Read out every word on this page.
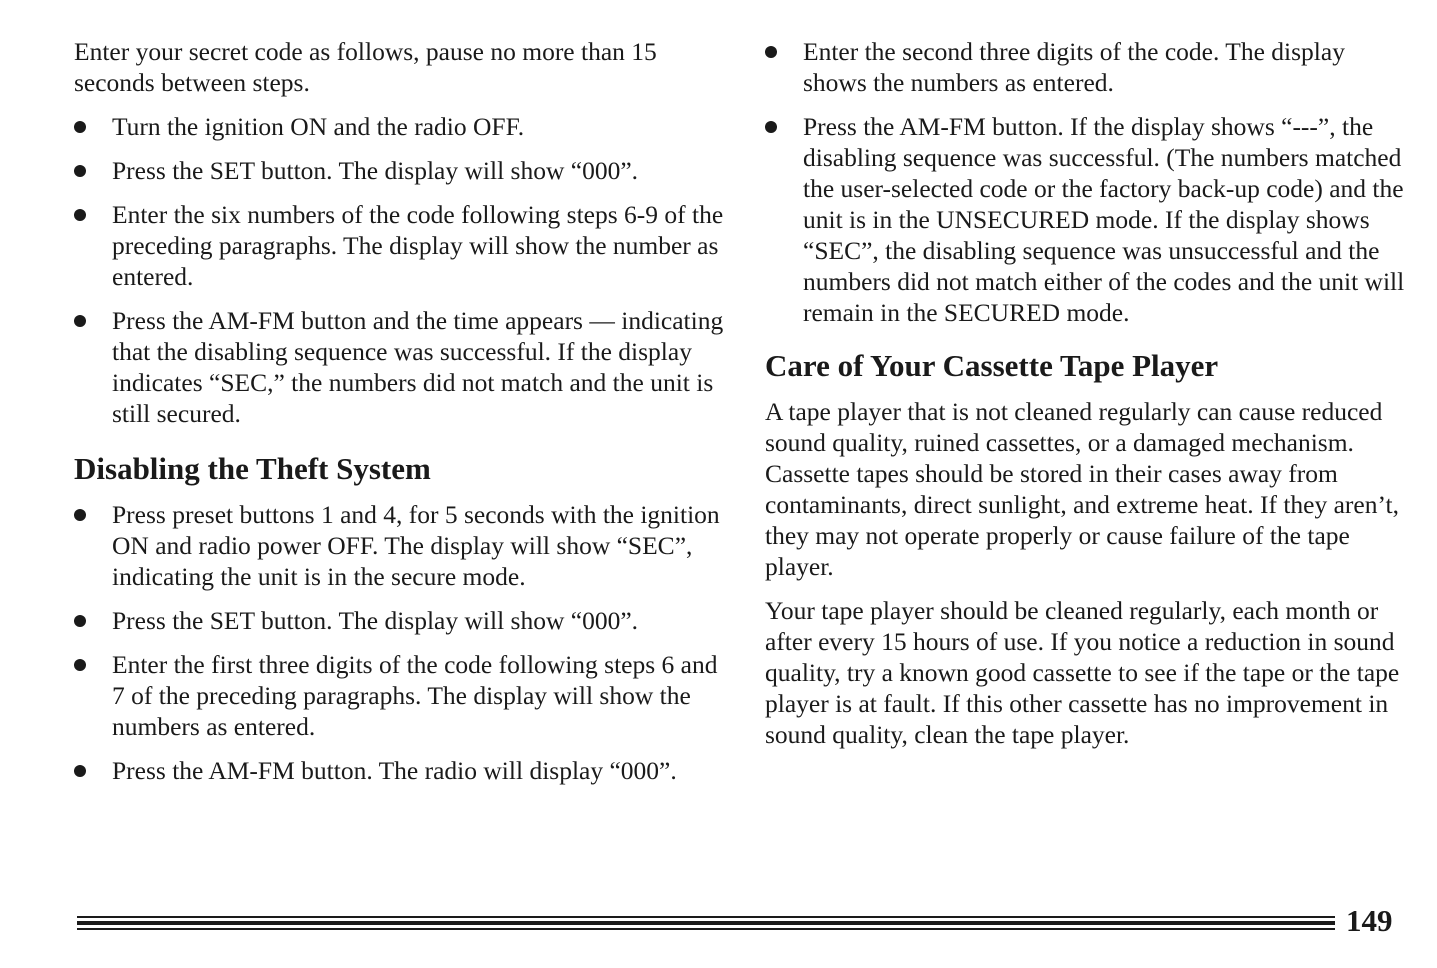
Enter your secret code as follows, pause no more than 15 seconds between steps.

Turn the ignition ON and the radio OFF.
Press the SET button. The display will show “000”.
Enter the six numbers of the code following steps 6-9 of the preceding paragraphs. The display will show the number as entered.
Press the AM-FM button and the time appears — indicating that the disabling sequence was successful. If the display indicates “SEC,” the numbers did not match and the unit is still secured.
Disabling the Theft System
Press preset buttons 1 and 4, for 5 seconds with the ignition ON and radio power OFF. The display will show “SEC”, indicating the unit is in the secure mode.
Press the SET button. The display will show “000”.
Enter the first three digits of the code following steps 6 and 7 of the preceding paragraphs. The display will show the numbers as entered.
Press the AM-FM button. The radio will display “000”.
Enter the second three digits of the code. The display shows the numbers as entered.
Press the AM-FM button. If the display shows “---”, the disabling sequence was successful. (The numbers matched the user-selected code or the factory back-up code) and the unit is in the UNSECURED mode. If the display shows “SEC”, the disabling sequence was unsuccessful and the numbers did not match either of the codes and the unit will remain in the SECURED mode.
Care of Your Cassette Tape Player

A tape player that is not cleaned regularly can cause reduced sound quality, ruined cassettes, or a damaged mechanism. Cassette tapes should be stored in their cases away from contaminants, direct sunlight, and extreme heat. If they aren’t, they may not operate properly or cause failure of the tape player.

Your tape player should be cleaned regularly, each month or after every 15 hours of use. If you notice a reduction in sound quality, try a known good cassette to see if the tape or the tape player is at fault. If this other cassette has no improvement in sound quality, clean the tape player.

149
